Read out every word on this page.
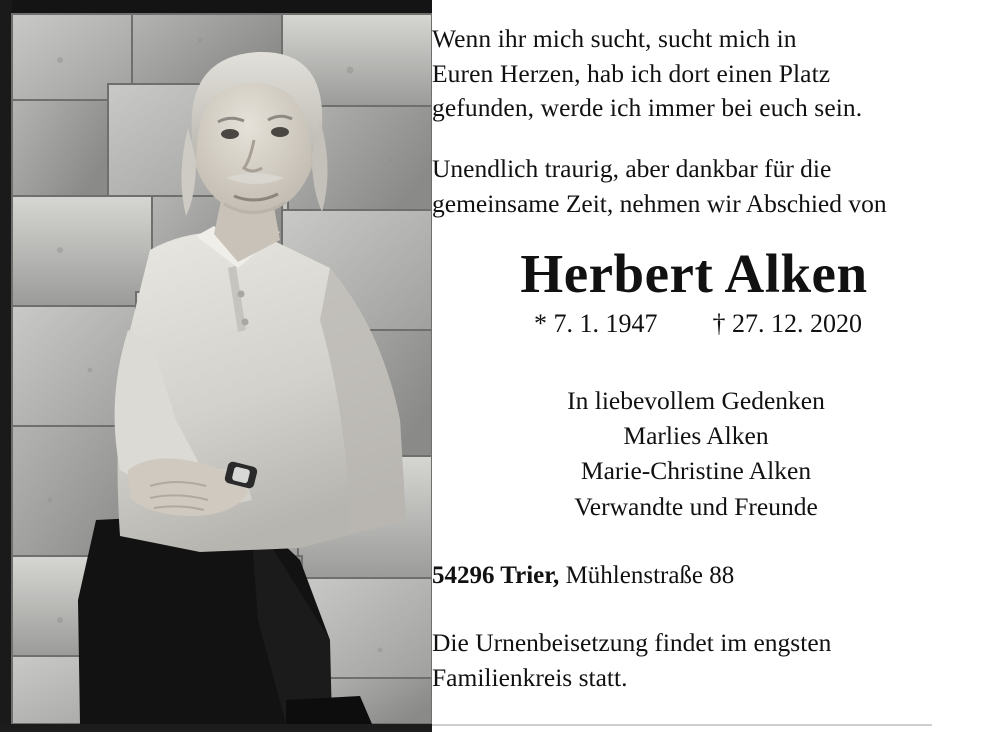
Wenn ihr mich sucht, sucht mich in

Euren Herzen, hab ich dort einen Platz

gefunden, werde ich immer bei euch sein.

Unendlich traurig, aber dankbar für die

gemeinsame Zeit, nehmen wir Abschied von

Herbert Alken
* 7. 1. 1947 † 27. 12. 2020
In liebevollem Gedenken
Marlies Alken
Marie-Christine Alken
Verwandte und Freunde
54296 Trier, Mühlenstraße 88

Die Urnenbeisetzung findet im engsten

Familienkreis statt.
